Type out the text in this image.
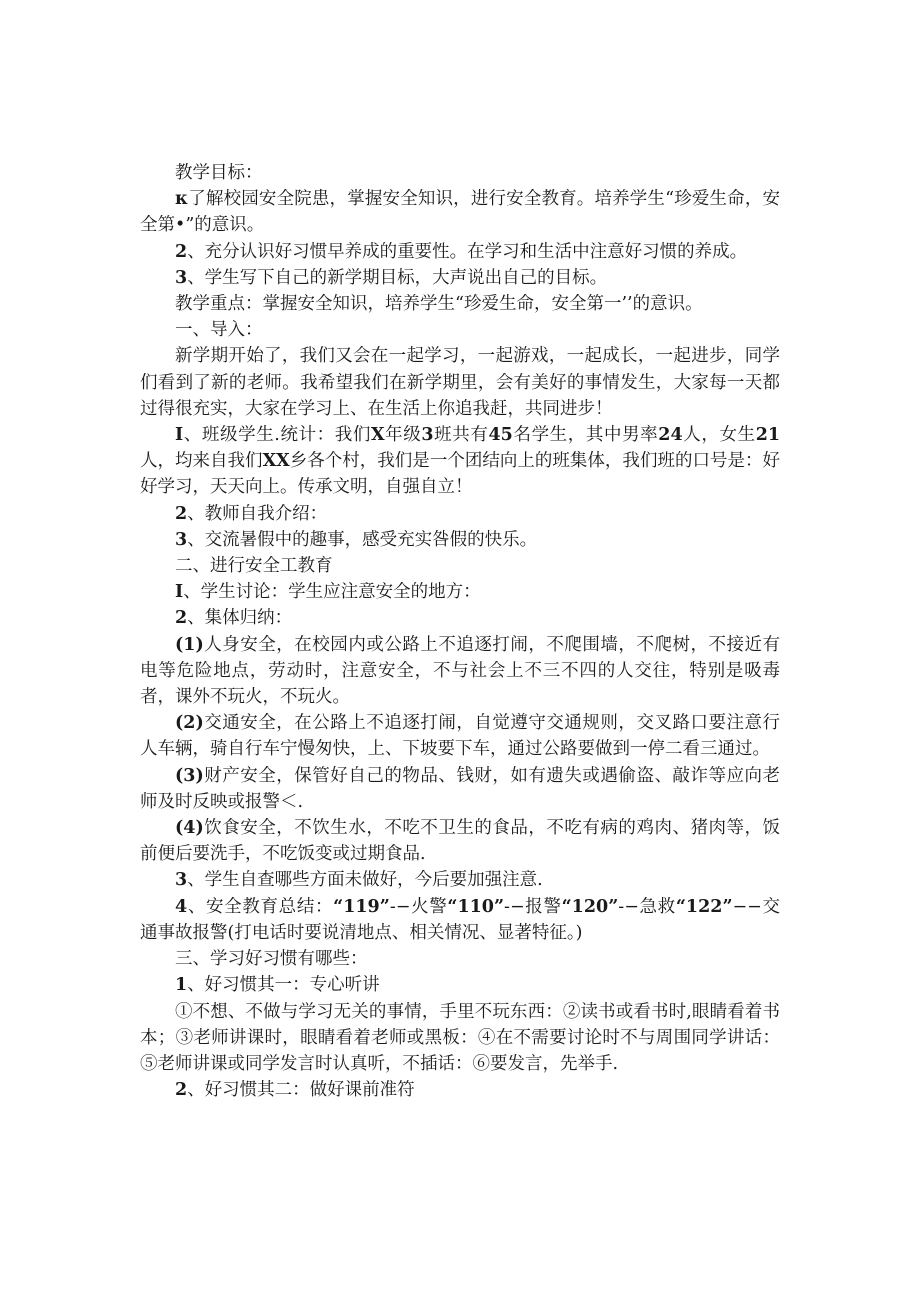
教学目标：

κ了解校园安全院患，掌握安全知识，进行安全教育。培养学生“珍爱生命，安全第•”的意识。

2、充分认识好习惯早养成的重要性。在学习和生活中注意好习惯的养成。

3、学生写下自己的新学期目标，大声说出自己的目标。

教学重点：掌握安全知识，培养学生“珍爱生命，安全第一’’的意识。

一、导入：

新学期开始了，我们又会在一起学习，一起游戏，一起成长，一起进步，同学们看到了新的老师。我希望我们在新学期里，会有美好的事情发生，大家每一天都过得很充实，大家在学习上、在生活上你追我赶，共同进步！

I、班级学生.统计：我们X年级3班共有45名学生，其中男率24人，女生21人，均来自我们XX乡各个村，我们是一个团结向上的班集体，我们班的口号是：好好学习，天天向上。传承文明，自强自立！

2、教师自我介绍：

3、交流暑假中的趣事，感受充实咎假的快乐。

二、进行安全工教育

I、学生讨论：学生应注意安全的地方：

2、集体归纳：

(1)人身安全，在校园内或公路上不追逐打闹，不爬围墙，不爬树，不接近有电等危险地点，劳动时，注意安全，不与社会上不三不四的人交往，特别是吸毒者，课外不玩火，不玩火。

(2)交通安全，在公路上不追逐打闹，自觉遵守交通规则，交叉路口要注意行人车辆，骑自行车宁慢匆快，上、下坡要下车，通过公路要做到一停二看三通过。

(3)财产安全，保管好自己的物品、钱财，如有遗失或遇偷盗、敲诈等应向老师及时反映或报警＜.

(4)饮食安全，不饮生水，不吃不卫生的食品，不吃有病的鸡肉、猪肉等，饭前便后要洗手，不吃饭变或过期食品.

3、学生自查哪些方面未做好，今后要加强注意.

4、安全教育总结：“119”-−火警“110”-−报警“120”-−急救“122”−−交通事故报警(打电话时要说清地点、相关情况、显著特征。)

三、学习好习惯有哪些：

1、好习惯其一：专心听讲

①不想、不做与学习无关的事情，手里不玩东西：②读书或看书时,眼睛看着书本；③老师讲课时，眼睛看着老师或黑板：④在不需要讨论时不与周围同学讲话：⑤老师讲课或同学发言时认真听，不插话：⑥要发言，先举手.

2、好习惯其二：做好课前准符
